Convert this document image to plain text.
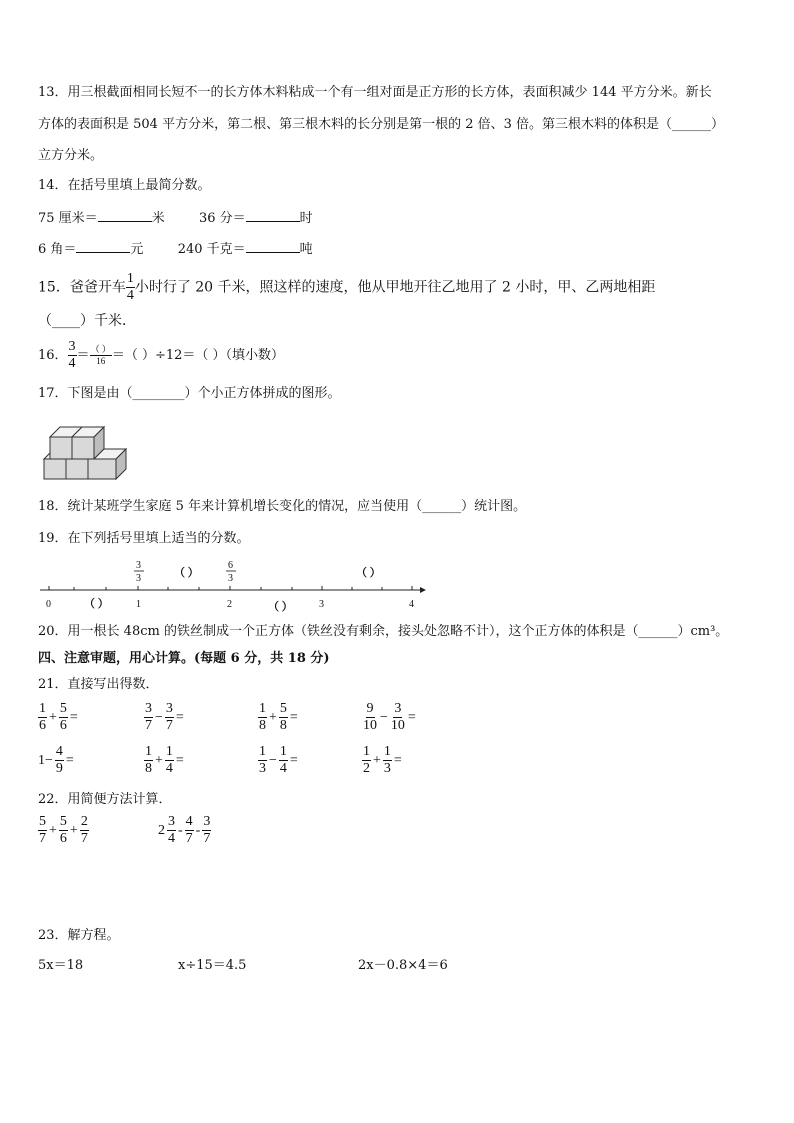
13．用三根截面相同长短不一的长方体木料粘成一个有一组对面是正方形的长方体，表面积减少 144 平方分米。新长
方体的表面积是 504 平方分米，第二根、第三根木料的长分别是第一根的 2 倍、3 倍。第三根木料的体积是（______）
立方分米。
14．在括号里填上最简分数。
75 厘米＝	米	36 分＝	时
6 角＝	元	240 千克＝	吨
15．爸爸开车 $\frac{1}{4}$ 小时行了 20 千米，照这样的速度，他从甲地开往乙地用了 2 小时，甲、乙两地相距
（____）千米．
16． $\frac{3}{4} = \frac{( )}{16}$ ＝（ ）÷12＝（ ）（填小数）
17．下图是由（________）个小正方体拼成的图形。
18．统计某班学生家庭 5 年来计算机增长变化的情况，应当使用（______）统计图。
19．在下列括号里填上适当的分数。
0	1	2	3	4
3
3
6
3
（ ）	（ ）
（ ）	（ ）
20．用一根长 48cm 的铁丝制成一个正方体（铁丝没有剩余，接头处忽略不计），这个正方体的体积是（______）cm³。
四、注意审题，用心计算。(每题 6 分，共 18 分)
21．直接写出得数．
22．用简便方法计算．
$\frac{5}{7} + \frac{5}{6} + \frac{2}{7}$	$2 \frac{3}{4} - \frac{4}{7} - \frac{3}{7}$
23．解方程。
5x＝18	x÷15＝4.5	2x－0.8×4＝6
$\frac{1}{6} + \frac{5}{6}$ =	$\frac{3}{7} - \frac{3}{7}$ =	$\frac{1}{8} + \frac{5}{8}$ =	$\frac{9}{10} - \frac{3}{10}$ =
$1- \frac{4}{9}$ =	$\frac{1}{8} + \frac{1}{4}$ =	$\frac{1}{3} - \frac{1}{4}$ =	$\frac{1}{2} + \frac{1}{3}$ =
